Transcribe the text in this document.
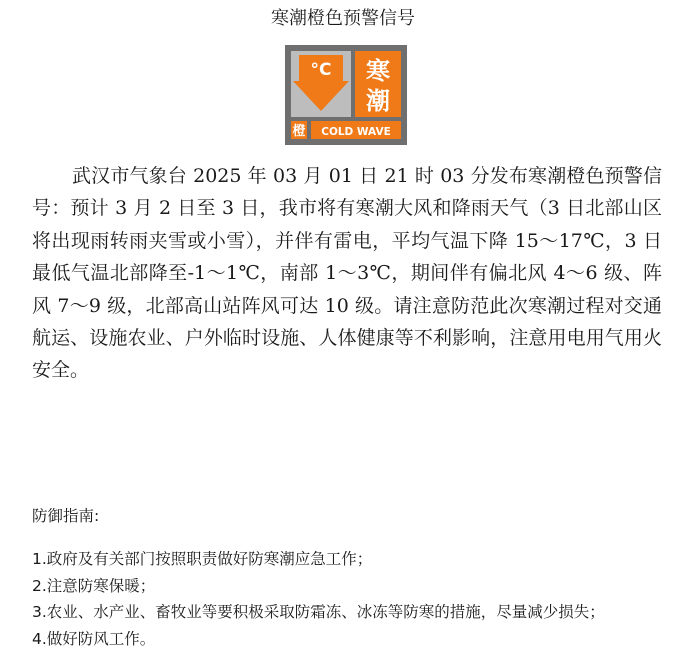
寒潮橙色预警信号
°C 寒
潮
橙 COLD WAVE

武汉市气象台 2025 年 03 月 01 日 21 时 03 分发布寒潮橙色预警信号：预计 3 月 2 日至 3 日，我市将有寒潮大风和降雨天气（3 日北部山区将出现雨转雨夹雪或小雪），并伴有雷电，平均气温下降 15～17℃，3 日最低气温北部降至-1～1℃，南部 1～3℃，期间伴有偏北风 4～6 级、阵风 7～9 级，北部高山站阵风可达 10 级。请注意防范此次寒潮过程对交通航运、设施农业、户外临时设施、人体健康等不利影响，注意用电用气用火安全。

防御指南:

1.政府及有关部门按照职责做好防寒潮应急工作；
2.注意防寒保暖；
3.农业、水产业、畜牧业等要积极采取防霜冻、冰冻等防寒的措施，尽量减少损失；
4.做好防风工作。
